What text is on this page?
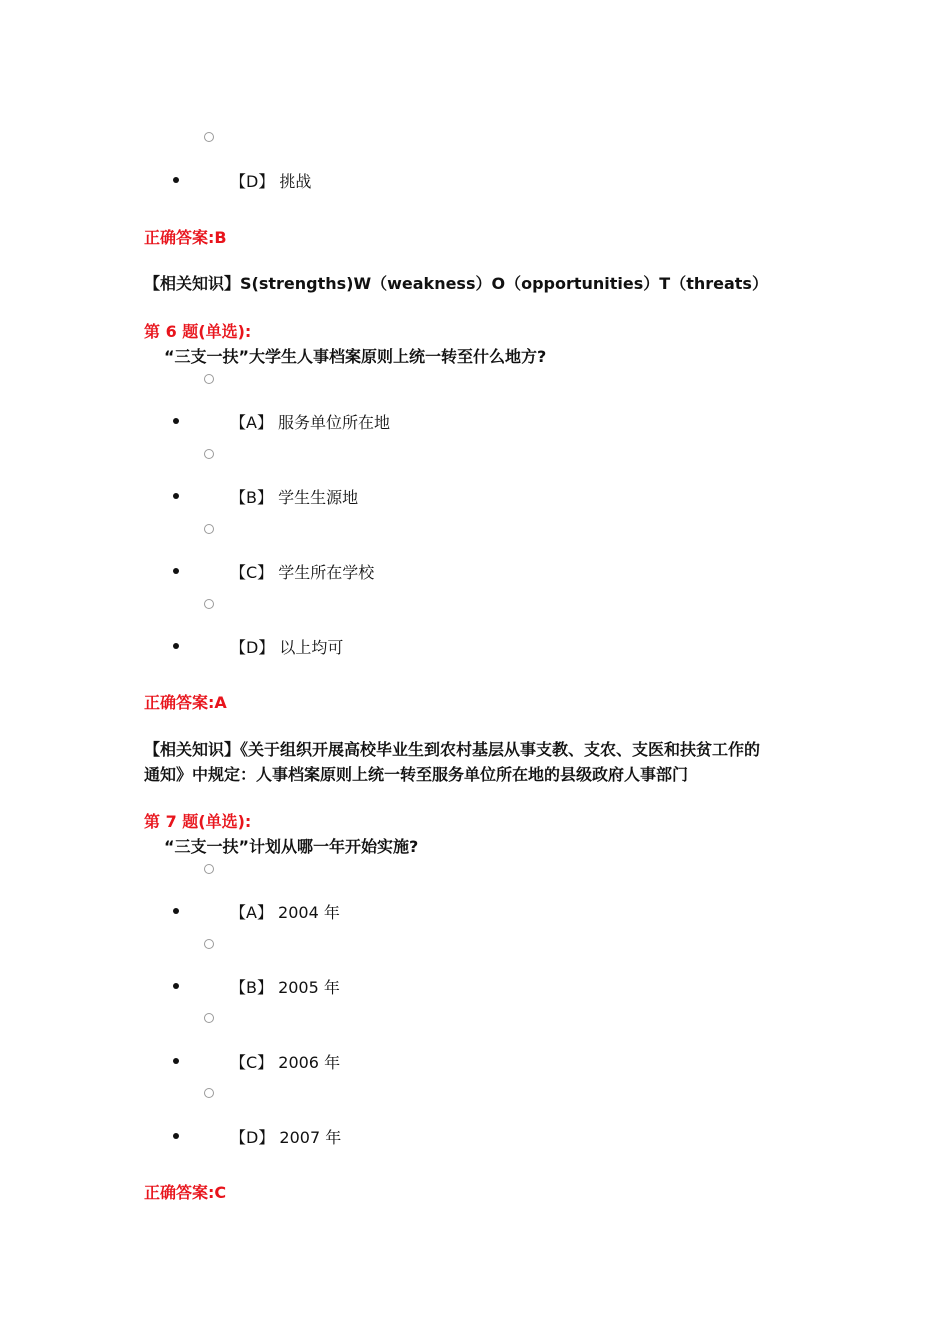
【D】 挑战
正确答案:B
【相关知识】S(strengths)W（weakness）O（opportunities）T（threats）
第 6 题(单选):
“三支一扶”大学生人事档案原则上统一转至什么地方?
【A】 服务单位所在地
【B】 学生生源地
【C】 学生所在学校
【D】 以上均可
正确答案:A
【相关知识】《关于组织开展高校毕业生到农村基层从事支教、支农、支医和扶贫工作的
通知》中规定：人事档案原则上统一转至服务单位所在地的县级政府人事部门
第 7 题(单选):
“三支一扶”计划从哪一年开始实施?
【A】 2004 年
【B】 2005 年
【C】 2006 年
【D】 2007 年
正确答案:C
